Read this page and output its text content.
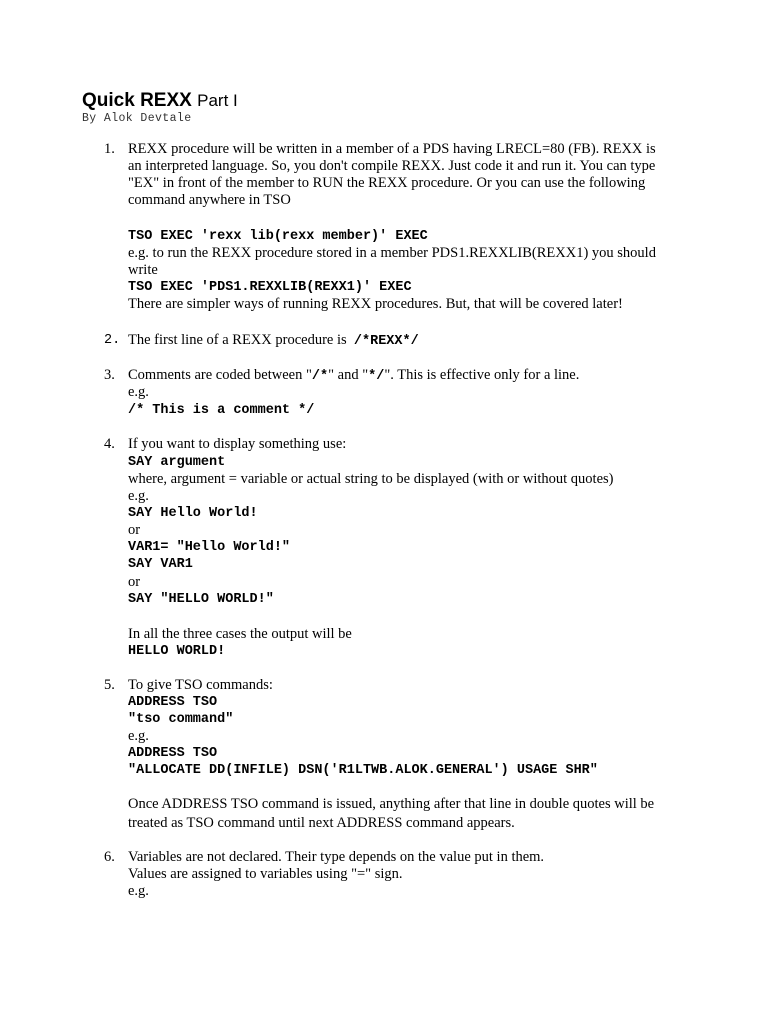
Quick REXX Part I

By Alok Devtale

1. REXX procedure will be written in a member of a PDS having LRECL=80 (FB). REXX is

an interpreted language. So, you don't compile REXX. Just code it and run it. You can type

"EX" in front of the member to RUN the REXX procedure. Or you can use the following

command anywhere in TSO

TSO EXEC 'rexx lib(rexx member)' EXEC

e.g. to run the REXX procedure stored in a member PDS1.REXXLIB(REXX1) you should

write

TSO EXEC 'PDS1.REXXLIB(REXX1)' EXEC

There are simpler ways of running REXX procedures. But, that will be covered later!

2. The first line of a REXX procedure is /*REXX*/

3. Comments are coded between "/*" and "*/". This is effective only for a line.

e.g.

/* This is a comment */

4. If you want to display something use:

SAY argument

where, argument = variable or actual string to be displayed (with or without quotes)

e.g.

SAY Hello World!

or

VAR1= "Hello World!"

SAY VAR1

or

SAY "HELLO WORLD!"

In all the three cases the output will be

HELLO WORLD!

5. To give TSO commands:

ADDRESS TSO

"tso command"

e.g.

ADDRESS TSO

"ALLOCATE DD(INFILE) DSN('R1LTWB.ALOK.GENERAL') USAGE SHR"

Once ADDRESS TSO command is issued, anything after that line in double quotes will be

treated as TSO command until next ADDRESS command appears.

6. Variables are not declared. Their type depends on the value put in them.

Values are assigned to variables using "=" sign.

e.g.
